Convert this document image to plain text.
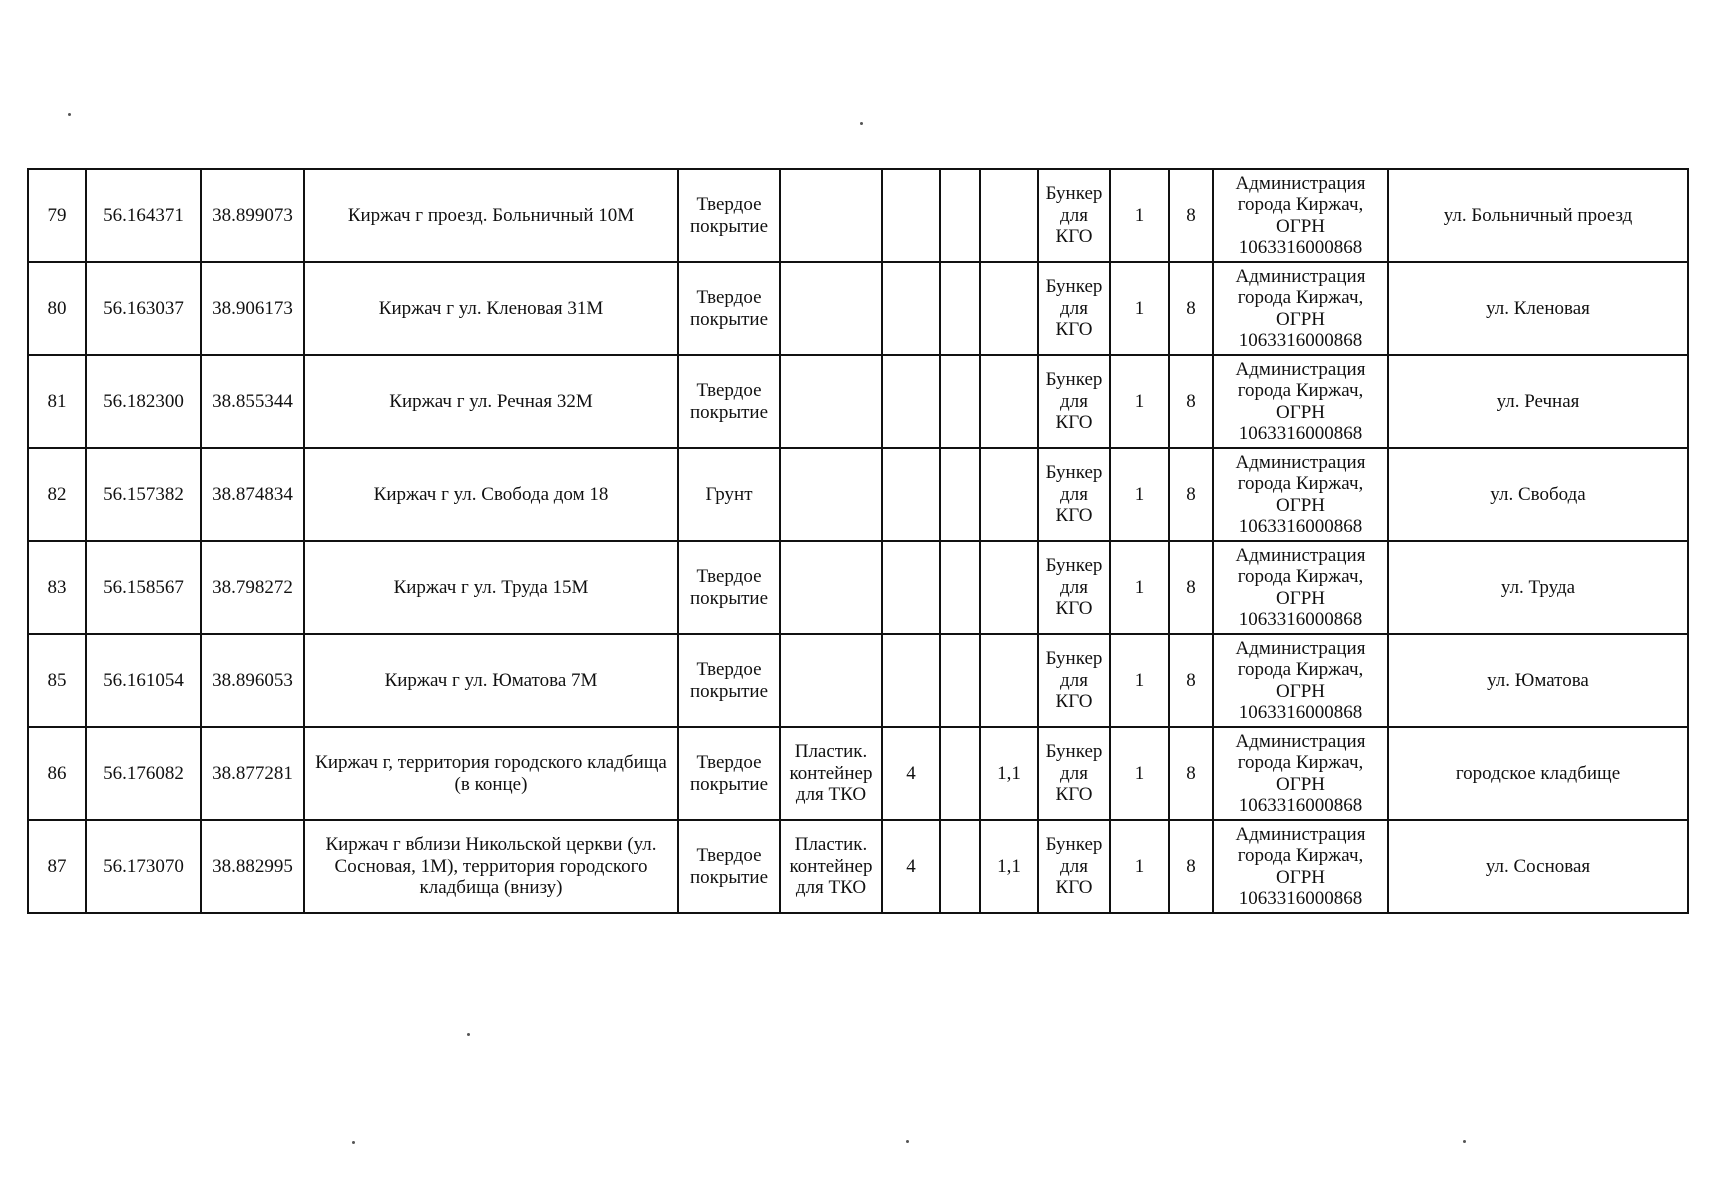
79	56.164371	38.899073	Киржач г проезд. Больничный 10М	Твердое покрытие					Бункер для КГО	1	8	Администрация города Киржач, ОГРН 1063316000868	ул. Больничный проезд
80	56.163037	38.906173	Киржач г ул. Кленовая 31М	Твердое покрытие					Бункер для КГО	1	8	Администрация города Киржач, ОГРН 1063316000868	ул. Кленовая
81	56.182300	38.855344	Киржач г ул. Речная 32М	Твердое покрытие					Бункер для КГО	1	8	Администрация города Киржач, ОГРН 1063316000868	ул. Речная
82	56.157382	38.874834	Киржач г ул. Свобода дом 18	Грунт					Бункер для КГО	1	8	Администрация города Киржач, ОГРН 1063316000868	ул. Свобода
83	56.158567	38.798272	Киржач г ул. Труда 15М	Твердое покрытие					Бункер для КГО	1	8	Администрация города Киржач, ОГРН 1063316000868	ул. Труда
85	56.161054	38.896053	Киржач г ул. Юматова 7М	Твердое покрытие					Бункер для КГО	1	8	Администрация города Киржач, ОГРН 1063316000868	ул. Юматова
86	56.176082	38.877281	Киржач г, территория городского кладбища (в конце)	Твердое покрытие	Пластик. контейнер для ТКО	4		1,1	Бункер для КГО	1	8	Администрация города Киржач, ОГРН 1063316000868	городское кладбище
87	56.173070	38.882995	Киржач г вблизи Никольской церкви (ул. Сосновая, 1М), территория городского кладбища (внизу)	Твердое покрытие	Пластик. контейнер для ТКО	4		1,1	Бункер для КГО	1	8	Администрация города Киржач, ОГРН 1063316000868	ул. Сосновая
